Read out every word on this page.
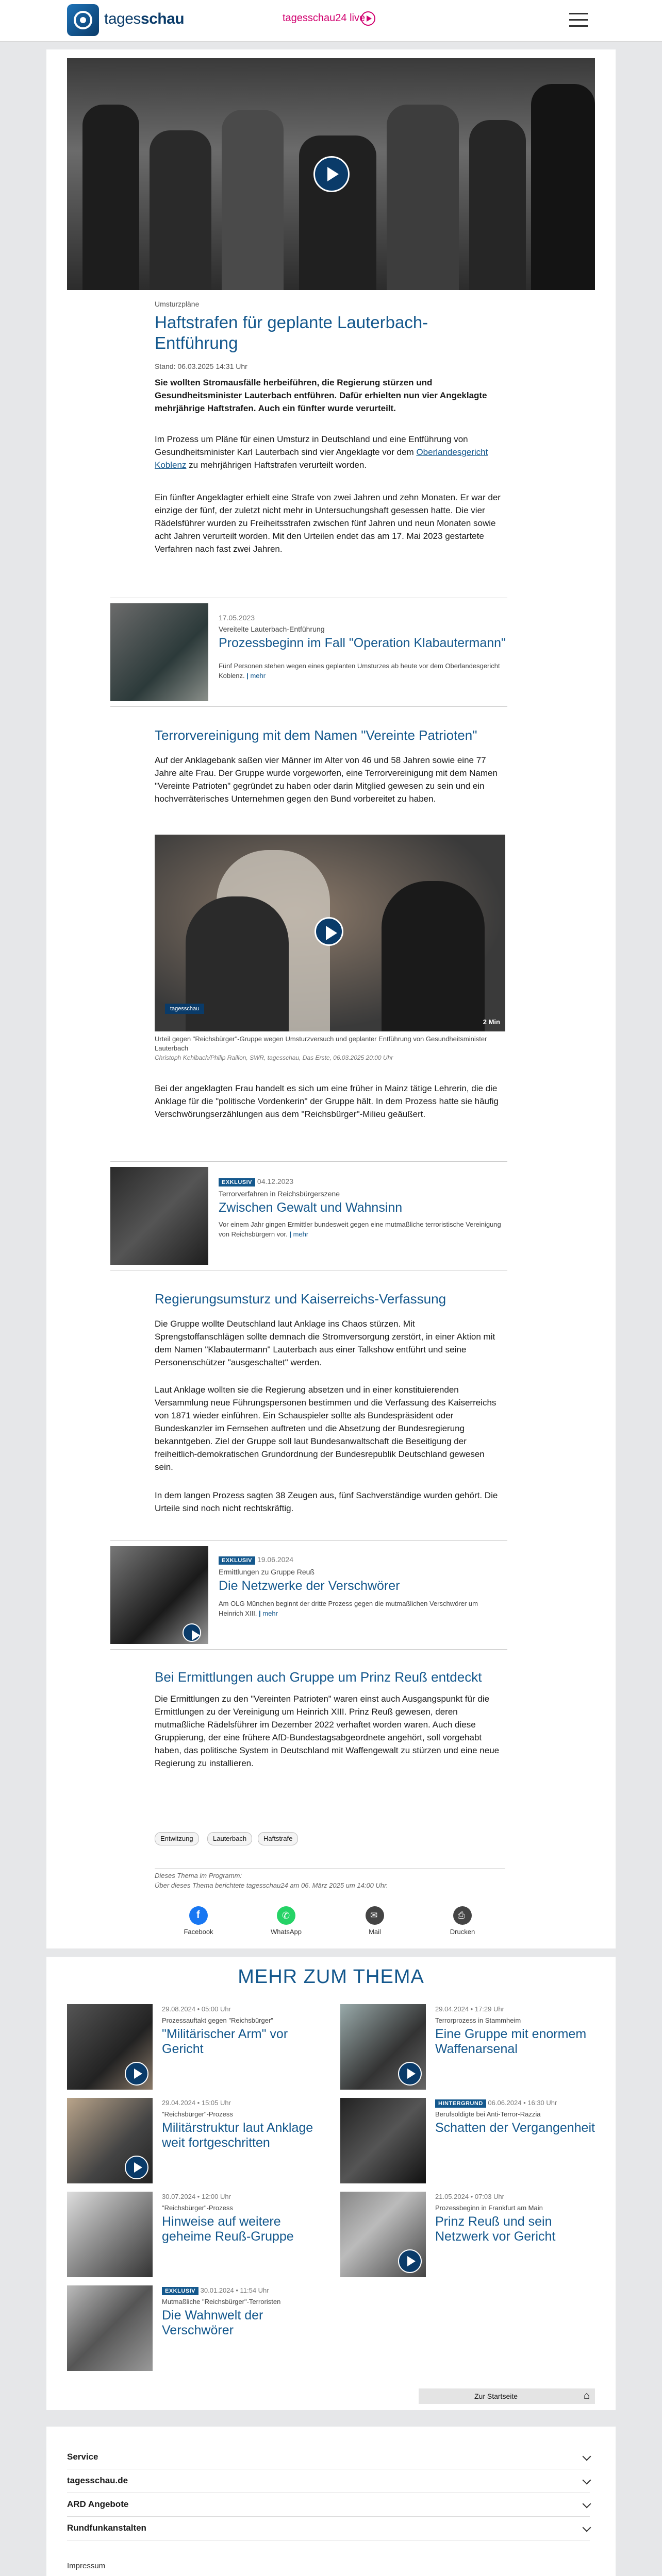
tagesschau	tagesschau24 live
Umsturzpläne
Haftstrafen für geplante Lauterbach-Entführung
Stand: 06.03.2025 14:31 Uhr
Sie wollten Stromausfälle herbeiführen, die Regierung stürzen und Gesundheitsminister Lauterbach entführen. Dafür erhielten nun vier Angeklagte mehrjährige Haftstrafen. Auch ein fünfter wurde verurteilt.
Im Prozess um Pläne für einen Umsturz in Deutschland und eine Entführung von Gesundheitsminister Karl Lauterbach sind vier Angeklagte vor dem Oberlandesgericht Koblenz zu mehrjährigen Haftstrafen verurteilt worden.
Ein fünfter Angeklagter erhielt eine Strafe von zwei Jahren und zehn Monaten. Er war der einzige der fünf, der zuletzt nicht mehr in Untersuchungshaft gesessen hatte. Die vier Rädelsführer wurden zu Freiheitsstrafen zwischen fünf Jahren und neun Monaten sowie acht Jahren verurteilt worden. Mit den Urteilen endet das am 17. Mai 2023 gestartete Verfahren nach fast zwei Jahren.
17.05.2023
Vereitelte Lauterbach-Entführung
Prozessbeginn im Fall "Operation Klabautermann"
Fünf Personen stehen wegen eines geplanten Umsturzes ab heute vor dem Oberlandesgericht Koblenz. | mehr
Terrorvereinigung mit dem Namen "Vereinte Patrioten"
Auf der Anklagebank saßen vier Männer im Alter von 46 und 58 Jahren sowie eine 77 Jahre alte Frau. Der Gruppe wurde vorgeworfen, eine Terrorvereinigung mit dem Namen "Vereinte Patrioten" gegründet zu haben oder darin Mitglied gewesen zu sein und ein hochverräterisches Unternehmen gegen den Bund vorbereitet zu haben.
tagesschau
2 Min
Urteil gegen "Reichsbürger"-Gruppe wegen Umsturzversuch und geplanter Entführung von Gesundheitsminister Lauterbach
Christoph Kehlbach/Philip Raillon, SWR, tagesschau, Das Erste, 06.03.2025 20:00 Uhr
Bei der angeklagten Frau handelt es sich um eine früher in Mainz tätige Lehrerin, die die Anklage für die "politische Vordenkerin" der Gruppe hält. In dem Prozess hatte sie häufig Verschwörungserzählungen aus dem "Reichsbürger"-Milieu geäußert.
EXKLUSIV 04.12.2023
Terrorverfahren in Reichsbürgerszene
Zwischen Gewalt und Wahnsinn
Vor einem Jahr gingen Ermittler bundesweit gegen eine mutmaßliche terroristische Vereinigung von Reichsbürgern vor. | mehr
Regierungsumsturz und Kaiserreichs-Verfassung
Die Gruppe wollte Deutschland laut Anklage ins Chaos stürzen. Mit Sprengstoffanschlägen sollte demnach die Stromversorgung zerstört, in einer Aktion mit dem Namen "Klabautermann" Lauterbach aus einer Talkshow entführt und seine Personenschützer "ausgeschaltet" werden.
Laut Anklage wollten sie die Regierung absetzen und in einer konstituierenden Versammlung neue Führungspersonen bestimmen und die Verfassung des Kaiserreichs von 1871 wieder einführen. Ein Schauspieler sollte als Bundespräsident oder Bundeskanzler im Fernsehen auftreten und die Absetzung der Bundesregierung bekanntgeben. Ziel der Gruppe soll laut Bundesanwaltschaft die Beseitigung der freiheitlich-demokratischen Grundordnung der Bundesrepublik Deutschland gewesen sein.
In dem langen Prozess sagten 38 Zeugen aus, fünf Sachverständige wurden gehört. Die Urteile sind noch nicht rechtskräftig.
EXKLUSIV 19.06.2024
Ermittlungen zu Gruppe Reuß
Die Netzwerke der Verschwörer
Am OLG München beginnt der dritte Prozess gegen die mutmaßlichen Verschwörer um Heinrich XIII. | mehr
Bei Ermittlungen auch Gruppe um Prinz Reuß entdeckt
Die Ermittlungen zu den "Vereinten Patrioten" waren einst auch Ausgangspunkt für die Ermittlungen zu der Vereinigung um Heinrich XIII. Prinz Reuß gewesen, deren mutmaßliche Rädelsführer im Dezember 2022 verhaftet worden waren. Auch diese Gruppierung, der eine frühere AfD-Bundestagsabgeordnete angehört, soll vorgehabt haben, das politische System in Deutschland mit Waffengewalt zu stürzen und eine neue Regierung zu installieren.
Entwitzung	Lauterbach	Haftstrafe
Dieses Thema im Programm:
Über dieses Thema berichtete tagesschau24 am 06. März 2025 um 14:00 Uhr.
f
Facebook
✆
WhatsApp
✉
Mail
⎙
Drucken
MEHR ZUM THEMA
29.08.2024 • 05:00 Uhr
Prozessauftakt gegen "Reichsbürger"
"Militärischer Arm" vor Gericht
29.04.2024 • 17:29 Uhr
Terrorprozess in Stammheim
Eine Gruppe mit enormem Waffenarsenal
29.04.2024 • 15:05 Uhr
"Reichsbürger"-Prozess
Militärstruktur laut Anklage weit fortgeschritten
HINTERGRUND 06.06.2024 • 16:30 Uhr
Berufsoldigte bei Anti-Terror-Razzia
Schatten der Vergangenheit
30.07.2024 • 12:00 Uhr
"Reichsbürger"-Prozess
Hinweise auf weitere geheime Reuß-Gruppe
21.05.2024 • 07:03 Uhr
Prozessbeginn in Frankfurt am Main
Prinz Reuß und sein Netzwerk vor Gericht
EXKLUSIV 30.01.2024 • 11:54 Uhr
Mutmaßliche "Reichsbürger"-Terroristen
Die Wahnwelt der Verschwörer
Zur Startseite	⌂
Service
tagesschau.de
ARD Angebote
Rundfunkanstalten
Impressum
